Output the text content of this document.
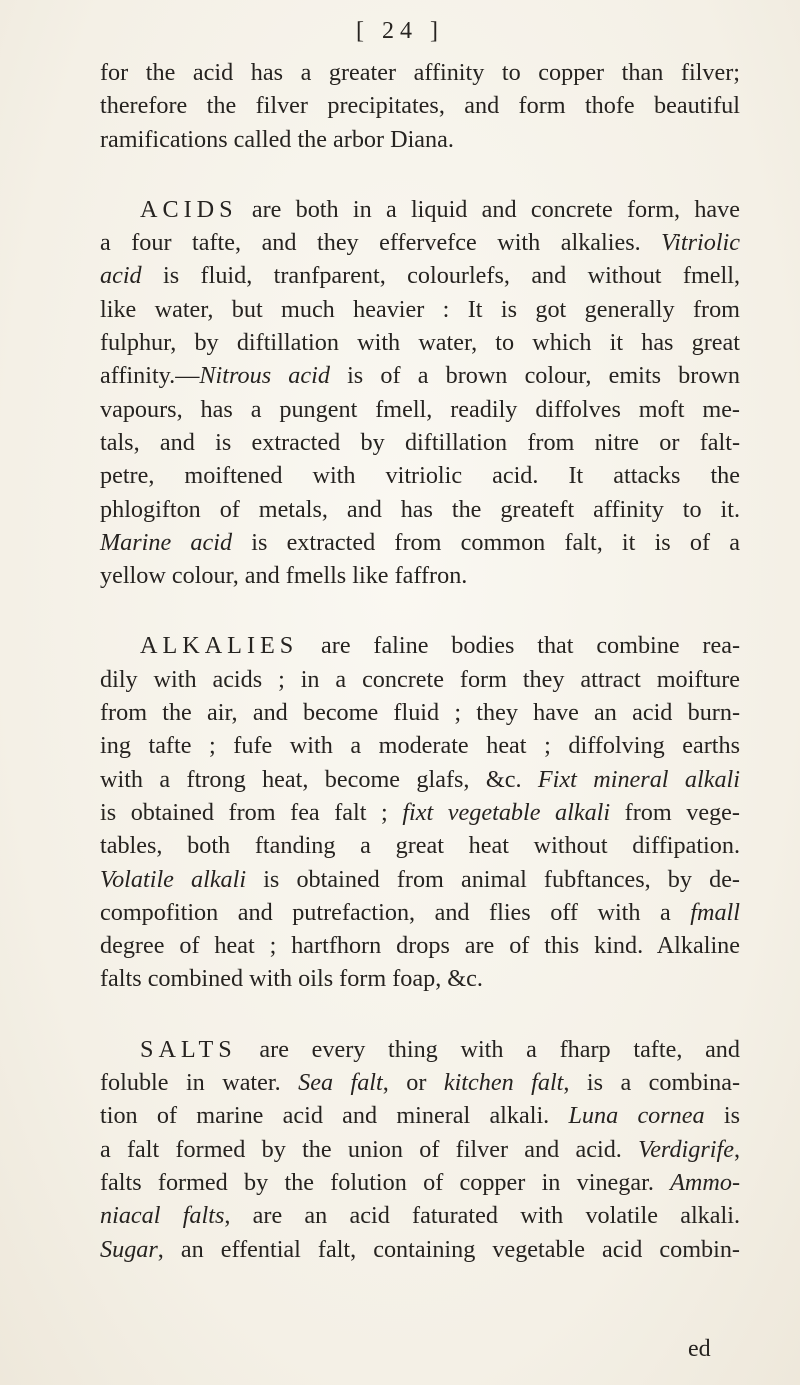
[ 24 ]

for the acid has a greater affinity to copper than filver;
therefore the filver precipitates, and form thofe beautiful
ramifications called the arbor Diana.

ACIDS are both in a liquid and concrete form, have
a four tafte, and they effervefce with alkalies. Vitriolic
acid is fluid, tranfparent, colourlefs, and without fmell,
like water, but much heavier : It is got generally from
fulphur, by diftillation with water, to which it has great
affinity.—Nitrous acid is of a brown colour, emits brown
vapours, has a pungent fmell, readily diffolves moft me-
tals, and is extracted by diftillation from nitre or falt-
petre, moiftened with vitriolic acid. It attacks the
phlogifton of metals, and has the greateft affinity to it.
Marine acid is extracted from common falt, it is of a
yellow colour, and fmells like faffron.

ALKALIES are faline bodies that combine rea-
dily with acids ; in a concrete form they attract moifture
from the air, and become fluid ; they have an acid burn-
ing tafte ; fufe with a moderate heat ; diffolving earths
with a ftrong heat, become glafs, &c. Fixt mineral alkali
is obtained from fea falt ; fixt vegetable alkali from vege-
tables, both ftanding a great heat without diffipation.
Volatile alkali is obtained from animal fubftances, by de-
compofition and putrefaction, and flies off with a fmall
degree of heat ; hartfhorn drops are of this kind. Alkaline
falts combined with oils form foap, &c.

SALTS are every thing with a fharp tafte, and
foluble in water. Sea falt, or kitchen falt, is a combina-
tion of marine acid and mineral alkali. Luna cornea is
a falt formed by the union of filver and acid. Verdigrife,
falts formed by the folution of copper in vinegar. Ammo-
niacal falts, are an acid faturated with volatile alkali.
Sugar, an effential falt, containing vegetable acid combin-

ed
